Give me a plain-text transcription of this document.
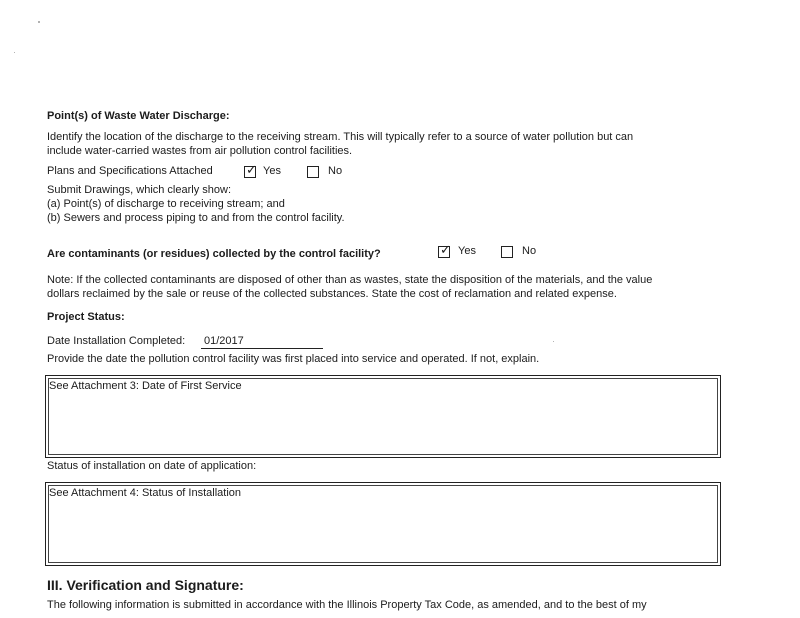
Point(s) of Waste Water Discharge:
Identify the location of the discharge to the receiving stream. This will typically refer to a source of water pollution but can
include water-carried wastes from air pollution control facilities.
Plans and Specifications Attached	✓ Yes	No
Submit Drawings, which clearly show:
(a) Point(s) of discharge to receiving stream; and
(b) Sewers and process piping to and from the control facility.
Are contaminants (or residues) collected by the control facility?	✓ Yes	No
Note: If the collected contaminants are disposed of other than as wastes, state the disposition of the materials, and the value
dollars reclaimed by the sale or reuse of the collected substances. State the cost of reclamation and related expense.
Project Status:
Date Installation Completed: 01/2017
Provide the date the pollution control facility was first placed into service and operated. If not, explain.
See Attachment 3: Date of First Service
Status of installation on date of application:
See Attachment 4: Status of Installation
III. Verification and Signature:
The following information is submitted in accordance with the Illinois Property Tax Code, as amended, and to the best of my
